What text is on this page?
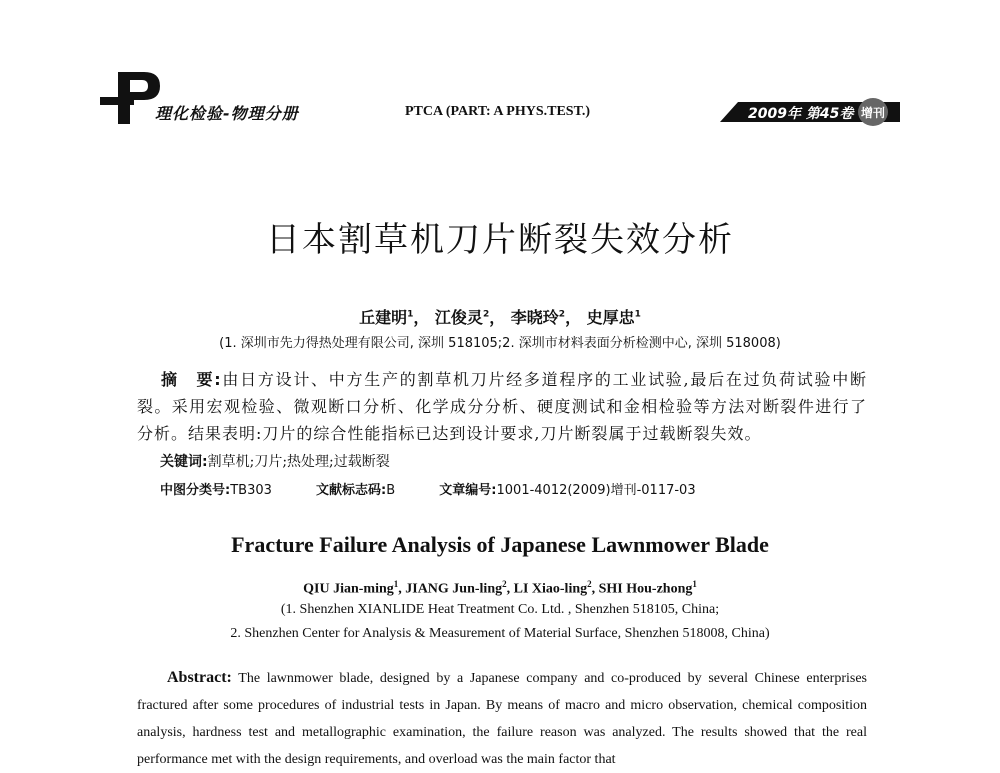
理化检验-物理分册	PTCA (PART: A PHYS.TEST.)	2009年 第45卷 增刊
日本割草机刀片断裂失效分析
丘建明$^1$， 江俊灵$^2$， 李晓玲$^2$， 史厚忠$^1$
(1. 深圳市先力得热处理有限公司, 深圳 518105;2. 深圳市材料表面分析检测中心, 深圳 518008)
摘　要:由日方设计、中方生产的割草机刀片经多道程序的工业试验,最后在过负荷试验中断裂。采用宏观检验、微观断口分析、化学成分分析、硬度测试和金相检验等方法对断裂件进行了分析。结果表明:刀片的综合性能指标已达到设计要求,刀片断裂属于过载断裂失效。
关键词:割草机;刀片;热处理;过载断裂
中图分类号:TB303	文献标志码:B	文章编号:1001-4012(2009)增刊-0117-03
Fracture Failure Analysis of Japanese Lawnmower Blade
QIU Jian-ming$^1$, JIANG Jun-ling$^2$, LI Xiao-ling$^2$, SHI Hou-zhong$^1$
(1. Shenzhen XIANLIDE Heat Treatment Co. Ltd. , Shenzhen 518105, China;
2. Shenzhen Center for Analysis & Measurement of Material Surface, Shenzhen 518008, China)
Abstract: The lawnmower blade, designed by a Japanese company and co-produced by several Chinese enterprises fractured after some procedures of industrial tests in Japan. By means of macro and micro observation, chemical composition analysis, hardness test and metallographic examination, the failure reason was analyzed. The results showed that the real performance met with the design requirements, and overload was the main factor that
